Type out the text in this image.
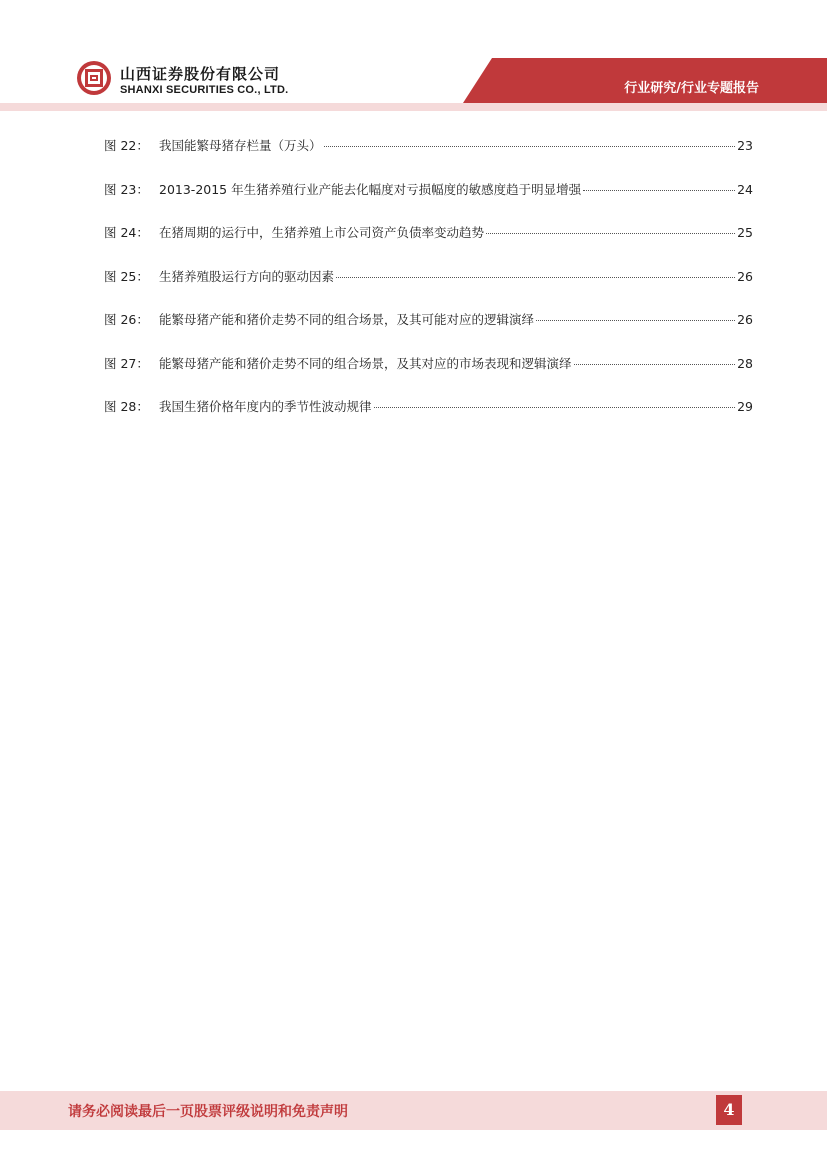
山西证券股份有限公司
SHANXI SECURITIES CO., LTD.	行业研究/行业专题报告
图 22： 我国能繁母猪存栏量（万头）	23
图 23： 2013-2015 年生猪养殖行业产能去化幅度对亏损幅度的敏感度趋于明显增强	24
图 24： 在猪周期的运行中，生猪养殖上市公司资产负债率变动趋势	25
图 25： 生猪养殖股运行方向的驱动因素	26
图 26： 能繁母猪产能和猪价走势不同的组合场景，及其可能对应的逻辑演绎	26
图 27： 能繁母猪产能和猪价走势不同的组合场景，及其对应的市场表现和逻辑演绎	28
图 28： 我国生猪价格年度内的季节性波动规律	29
请务必阅读最后一页股票评级说明和免责声明	4
